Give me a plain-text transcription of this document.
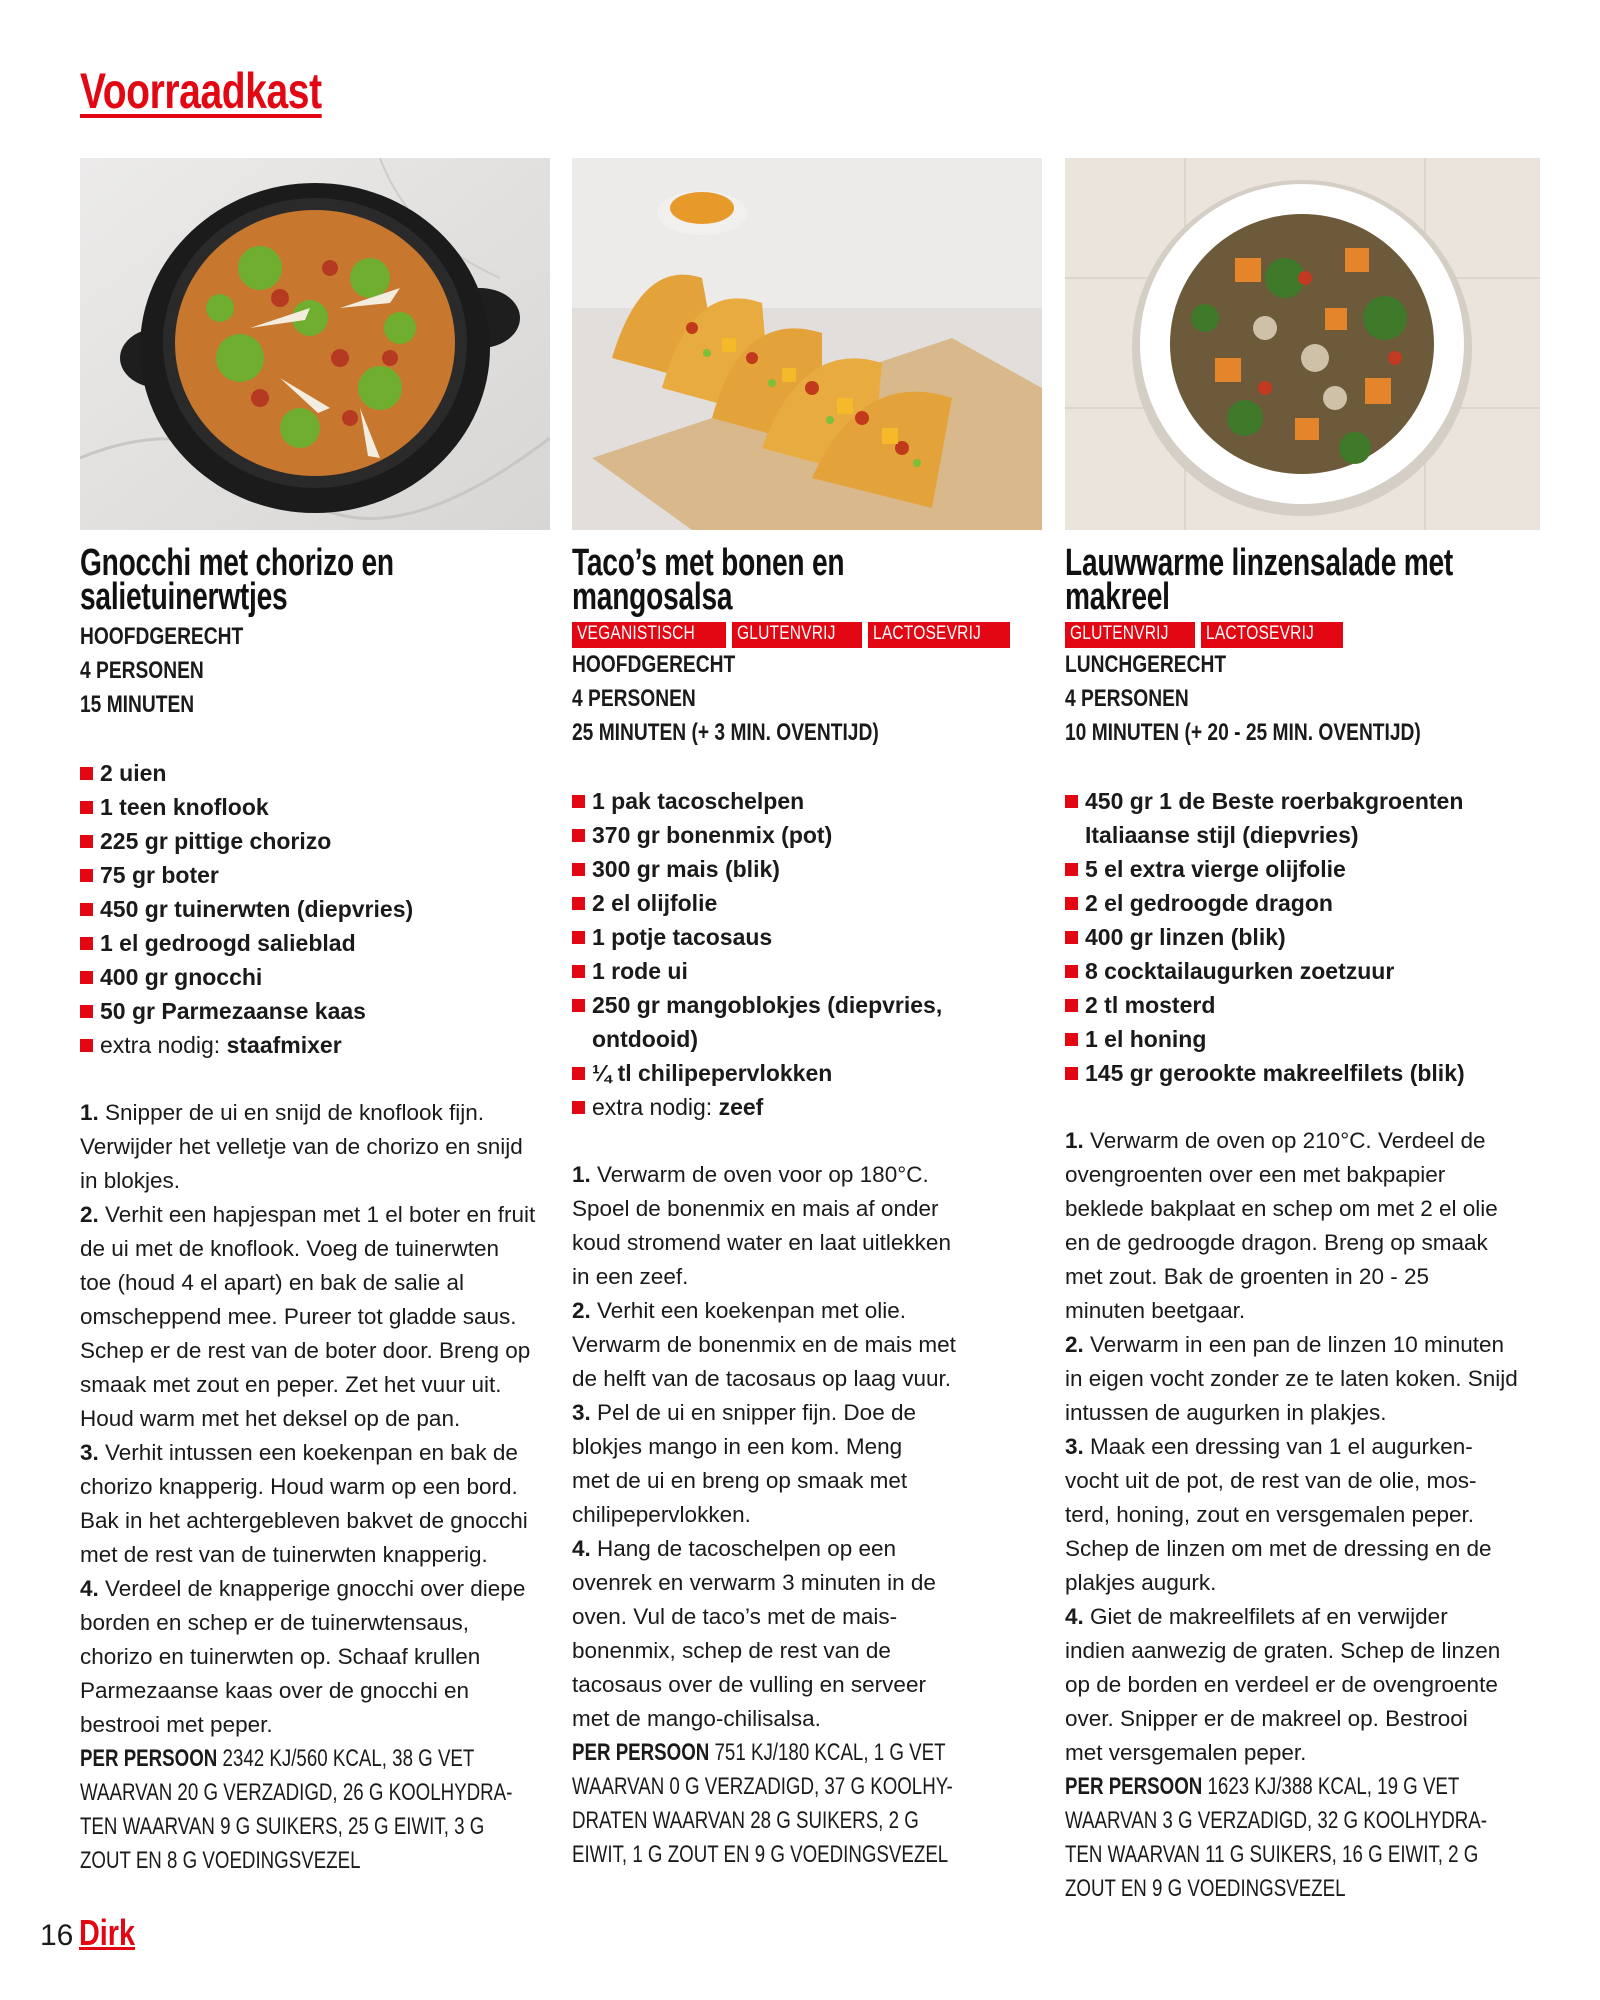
Voorraadkast
Gnocchi met chorizo en
salietuinerwtjes
HOOFDGERECHT
4 PERSONEN
15 MINUTEN
2 uien
1 teen knoflook
225 gr pittige chorizo
75 gr boter
450 gr tuinerwten (diepvries)
1 el gedroogd salieblad
400 gr gnocchi
50 gr Parmezaanse kaas
extra nodig: staafmixer

1. Snipper de ui en snijd de knoflook fijn.
Verwijder het velletje van de chorizo en snijd
in blokjes.

2. Verhit een hapjespan met 1 el boter en fruit
de ui met de knoflook. Voeg de tuinerwten
toe (houd 4 el apart) en bak de salie al
omscheppend mee. Pureer tot gladde saus.
Schep er de rest van de boter door. Breng op
smaak met zout en peper. Zet het vuur uit.
Houd warm met het deksel op de pan.

3. Verhit intussen een koekenpan en bak de
chorizo knapperig. Houd warm op een bord.
Bak in het achtergebleven bakvet de gnocchi
met de rest van de tuinerwten knapperig.

4. Verdeel de knapperige gnocchi over diepe
borden en schep er de tuinerwtensaus,
chorizo en tuinerwten op. Schaaf krullen
Parmezaanse kaas over de gnocchi en
bestrooi met peper.

PER PERSOON 2342 KJ/560 KCAL, 38 G VET
WAARVAN 20 G VERZADIGD, 26 G KOOLHYDRA-
TEN WAARVAN 9 G SUIKERS, 25 G EIWIT, 3 G
ZOUT EN 8 G VOEDINGSVEZEL
Taco’s met bonen en
mangosalsa
VEGANISTISCH	GLUTENVRIJ	LACTOSEVRIJ
HOOFDGERECHT
4 PERSONEN
25 MINUTEN (+ 3 MIN. OVENTIJD)
1 pak tacoschelpen
370 gr bonenmix (pot)
300 gr mais (blik)
2 el olijfolie
1 potje tacosaus
1 rode ui
250 gr mangoblokjes (diepvries,
ontdooid)
¼ tl chilipepervlokken
extra nodig: zeef

1. Verwarm de oven voor op 180°C.
Spoel de bonenmix en mais af onder
koud stromend water en laat uitlekken
in een zeef.

2. Verhit een koekenpan met olie.
Verwarm de bonenmix en de mais met
de helft van de tacosaus op laag vuur.

3. Pel de ui en snipper fijn. Doe de
blokjes mango in een kom. Meng
met de ui en breng op smaak met
chilipepervlokken.

4. Hang de tacoschelpen op een
ovenrek en verwarm 3 minuten in de
oven. Vul de taco’s met de mais-
bonenmix, schep de rest van de
tacosaus over de vulling en serveer
met de mango-chilisalsa.

PER PERSOON 751 KJ/180 KCAL, 1 G VET
WAARVAN 0 G VERZADIGD, 37 G KOOLHY-
DRATEN WAARVAN 28 G SUIKERS, 2 G
EIWIT, 1 G ZOUT EN 9 G VOEDINGSVEZEL
Lauwwarme linzensalade met
makreel
GLUTENVRIJ	LACTOSEVRIJ
LUNCHGERECHT
4 PERSONEN
10 MINUTEN (+ 20 - 25 MIN. OVENTIJD)
450 gr 1 de Beste roerbakgroenten
Italiaanse stijl (diepvries)
5 el extra vierge olijfolie
2 el gedroogde dragon
400 gr linzen (blik)
8 cocktailaugurken zoetzuur
2 tl mosterd
1 el honing
145 gr gerookte makreelfilets (blik)

1. Verwarm de oven op 210°C. Verdeel de
ovengroenten over een met bakpapier
beklede bakplaat en schep om met 2 el olie
en de gedroogde dragon. Breng op smaak
met zout. Bak de groenten in 20 - 25
minuten beetgaar.

2. Verwarm in een pan de linzen 10 minuten
in eigen vocht zonder ze te laten koken. Snijd
intussen de augurken in plakjes.

3. Maak een dressing van 1 el augurken-
vocht uit de pot, de rest van de olie, mos-
terd, honing, zout en versgemalen peper.
Schep de linzen om met de dressing en de
plakjes augurk.

4. Giet de makreelfilets af en verwijder
indien aanwezig de graten. Schep de linzen
op de borden en verdeel er de ovengroente
over. Snipper er de makreel op. Bestrooi
met versgemalen peper.

PER PERSOON 1623 KJ/388 KCAL, 19 G VET
WAARVAN 3 G VERZADIGD, 32 G KOOLHYDRA-
TEN WAARVAN 11 G SUIKERS, 16 G EIWIT, 2 G
ZOUT EN 9 G VOEDINGSVEZEL
16 Dirk
